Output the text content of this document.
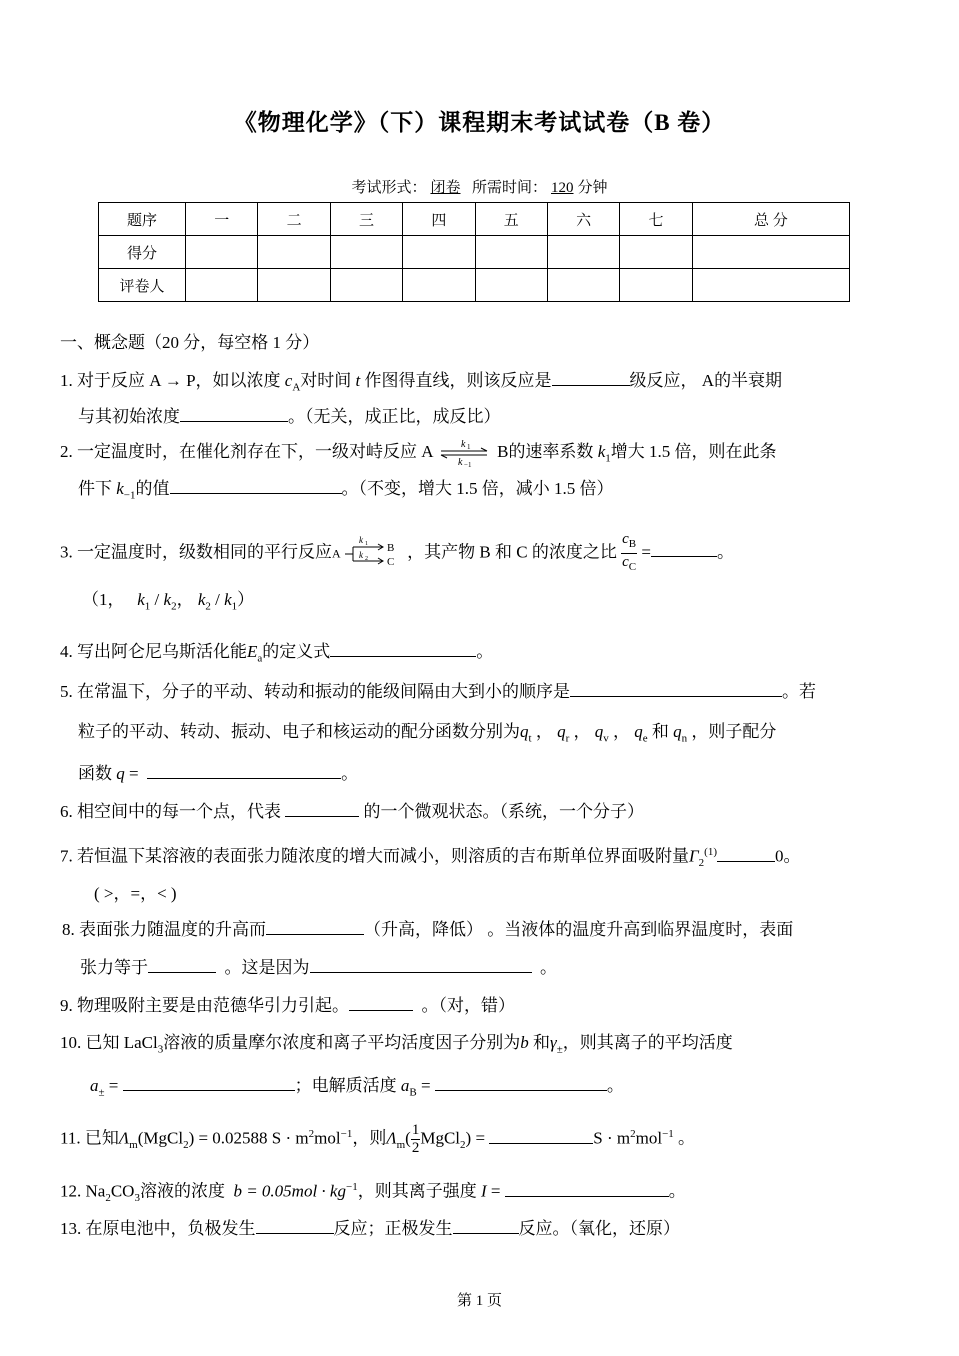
《物理化学》（下）课程期末考试试卷（B 卷）
考试形式： 闭卷 所需时间： 120 分钟
题序	一	二	三	四	五	六	七	总 分
得分								
评卷人								
一、概念题（20 分，每空格 1 分）
1. 对于反应 A → P，如以浓度 $c_A$对时间 t 作图得直线，则该反应是	级反应， A的半衰期
与其初始浓度	。（无关，成正比，成反比）
2. 一定温度时，在催化剂存在下，一级对峙反应 A k 1
k −1
B的速率系数 $k_1$增大 1.5 倍，则在此条
件下 $k_{-1}$的值	。（不变，增大 1.5 倍，减小 1.5 倍）
3. 一定温度时，级数相同的平行反应A
k 1
k 2
B
C
，其产物 B 和 C 的浓度之比 $\frac{c_B}{c_C}$ =	。
（1， $k_1 / k_2$， $k_2 / k_1$）
4. 写出阿仑尼乌斯活化能$E_a$的定义式	。
5. 在常温下，分子的平动、转动和振动的能级间隔由大到小的顺序是	。若
粒子的平动、转动、振动、电子和核运动的配分函数分别为$q_t$ ， $q_r$ ， $q_v$ ， $q_e$ 和 $q_n$ ，则子配分
函数 q =	。
6. 相空间中的每一个点，代表	的一个微观状态。（系统，一个分子）
7. 若恒温下某溶液的表面张力随浓度的增大而减小，则溶质的吉布斯单位界面吸附量$\Gamma_2^{(1)}$	0。
( >，=，< )
8. 表面张力随温度的升高而	（升高，降低） 。当液体的温度升高到临界温度时，表面
张力等于	。这是因为	。
9. 物理吸附主要是由范德华引力引起。	。（对，错）
10. 已知 LaCl$_3$溶液的质量摩尔浓度和离子平均活度因子分别为b 和$\gamma_\pm$，则其离子的平均活度
$a_\pm$ =	；电解质活度 $a_B$ =	。
11. 已知$\Lambda_m(MgCl_2) = 0.02588$ $S \cdot m^2mol^{-1}$，则$\Lambda_m( \frac{1}{2}$ MgCl$_2$) =	$S \cdot m^2mol^{-1}$ 。
12. $Na_2CO_3$溶液的浓度 $b = 0.05mol \cdot kg^{-1}$，则其离子强度 I =	。
13. 在原电池中，负极发生	反应；正极发生	反应。（氧化，还原）
第 1 页
